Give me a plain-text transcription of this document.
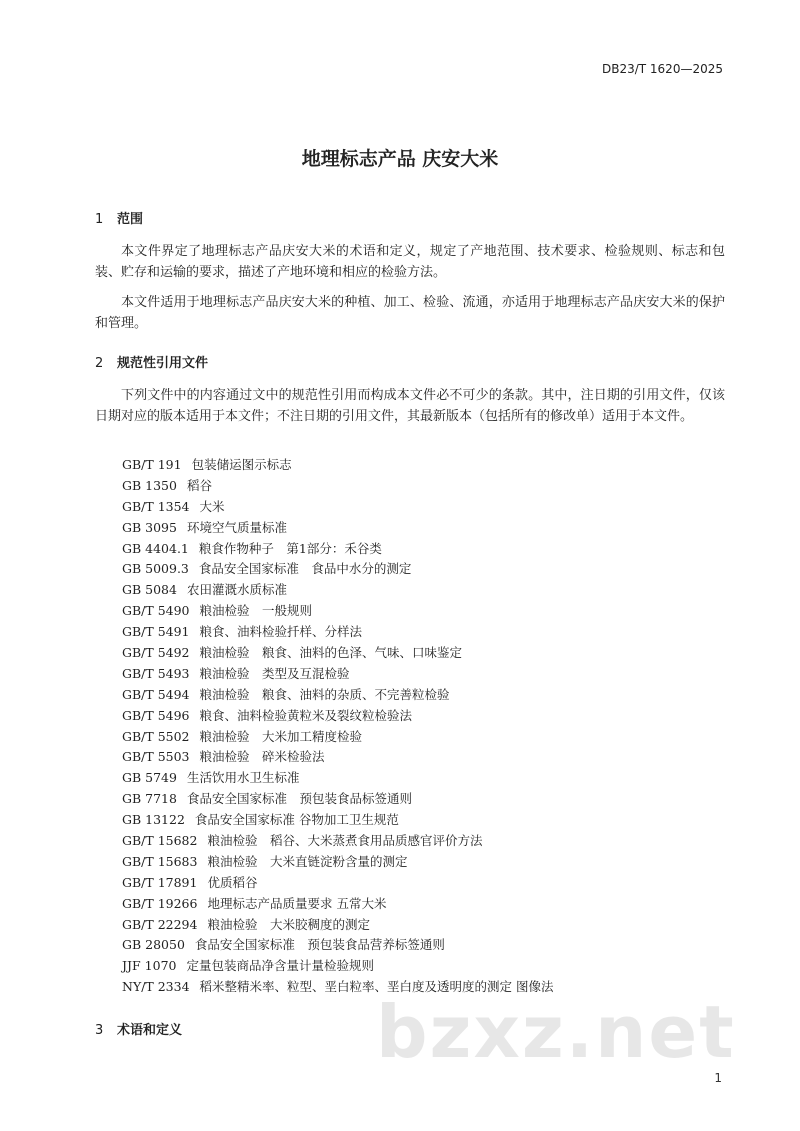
DB23/T 1620—2025
地理标志产品 庆安大米
1 范围
本文件界定了地理标志产品庆安大米的术语和定义，规定了产地范围、技术要求、检验规则、标志和包装、贮存和运输的要求，描述了产地环境和相应的检验方法。
本文件适用于地理标志产品庆安大米的种植、加工、检验、流通，亦适用于地理标志产品庆安大米的保护和管理。
2 规范性引用文件
下列文件中的内容通过文中的规范性引用而构成本文件必不可少的条款。其中，注日期的引用文件，仅该日期对应的版本适用于本文件；不注日期的引用文件，其最新版本（包括所有的修改单）适用于本文件。
GB/T 191 包装储运图示标志
GB 1350 稻谷
GB/T 1354 大米
GB 3095 环境空气质量标准
GB 4404.1 粮食作物种子　第1部分：禾谷类
GB 5009.3 食品安全国家标准　食品中水分的测定
GB 5084 农田灌溉水质标准
GB/T 5490 粮油检验　一般规则
GB/T 5491 粮食、油料检验扦样、分样法
GB/T 5492 粮油检验　粮食、油料的色泽、气味、口味鉴定
GB/T 5493 粮油检验　类型及互混检验
GB/T 5494 粮油检验　粮食、油料的杂质、不完善粒检验
GB/T 5496 粮食、油料检验黄粒米及裂纹粒检验法
GB/T 5502 粮油检验　大米加工精度检验
GB/T 5503 粮油检验　碎米检验法
GB 5749 生活饮用水卫生标准
GB 7718 食品安全国家标准　预包装食品标签通则
GB 13122 食品安全国家标准 谷物加工卫生规范
GB/T 15682 粮油检验　稻谷、大米蒸煮食用品质感官评价方法
GB/T 15683 粮油检验　大米直链淀粉含量的测定
GB/T 17891 优质稻谷
GB/T 19266 地理标志产品质量要求 五常大米
GB/T 22294 粮油检验　大米胶稠度的测定
GB 28050 食品安全国家标准　预包装食品营养标签通则
JJF 1070 定量包装商品净含量计量检验规则
NY/T 2334 稻米整精米率、粒型、垩白粒率、垩白度及透明度的测定 图像法
bzxz.net
3 术语和定义
1
